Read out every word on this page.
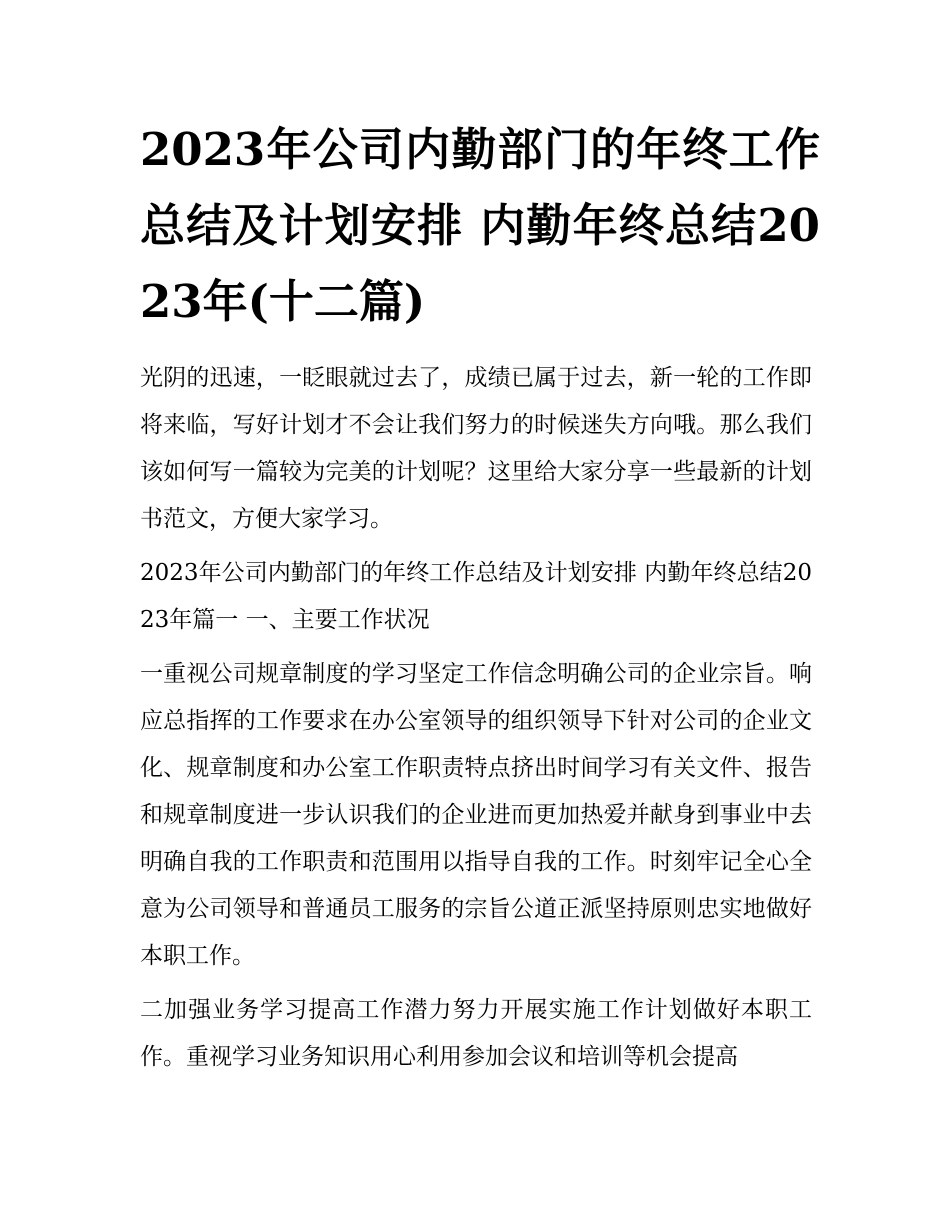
2023年公司内勤部门的年终工作总结及计划安排 内勤年终总结2023年(十二篇)

光阴的迅速，一眨眼就过去了，成绩已属于过去，新一轮的工作即将来临，写好计划才不会让我们努力的时候迷失方向哦。那么我们该如何写一篇较为完美的计划呢？这里给大家分享一些最新的计划书范文，方便大家学习。

2023年公司内勤部门的年终工作总结及计划安排 内勤年终总结2023年篇一 一、主要工作状况

一重视公司规章制度的学习坚定工作信念明确公司的企业宗旨。响应总指挥的工作要求在办公室领导的组织领导下针对公司的企业文化、规章制度和办公室工作职责特点挤出时间学习有关文件、报告和规章制度进一步认识我们的企业进而更加热爱并献身到事业中去明确自我的工作职责和范围用以指导自我的工作。时刻牢记全心全意为公司领导和普通员工服务的宗旨公道正派坚持原则忠实地做好本职工作。

二加强业务学习提高工作潜力努力开展实施工作计划做好本职工作。重视学习业务知识用心利用参加会议和培训等机会提高
